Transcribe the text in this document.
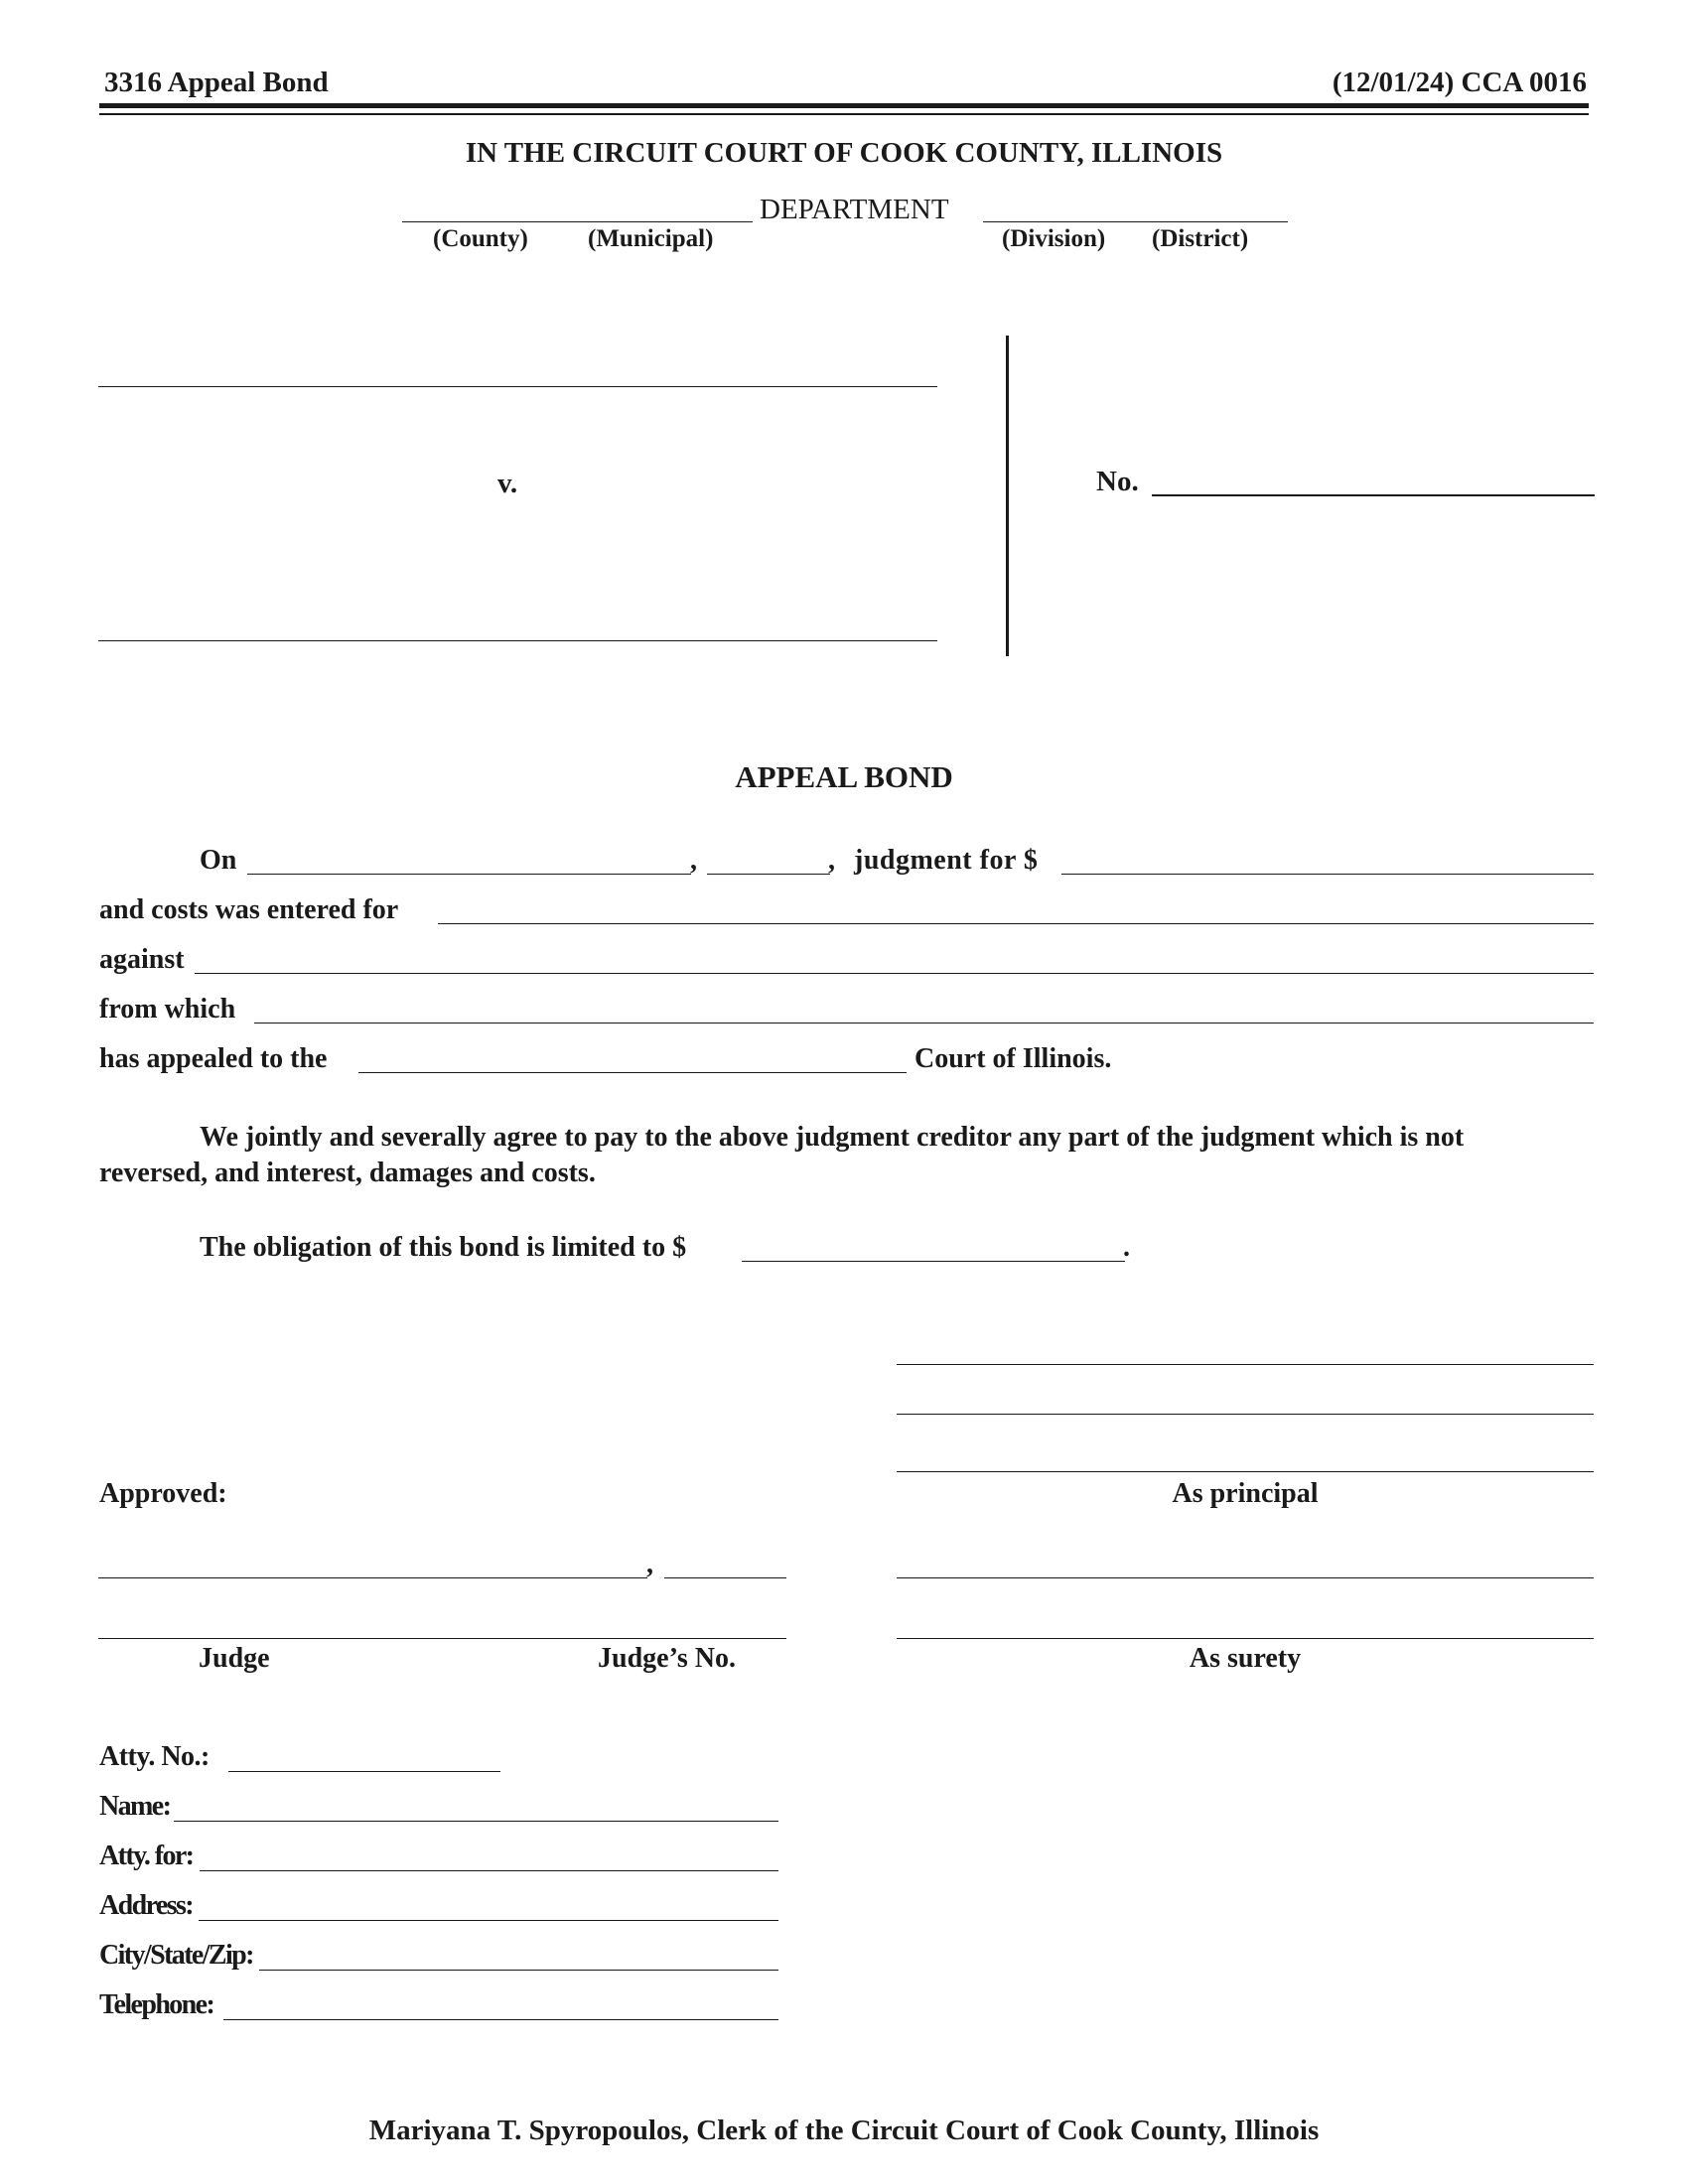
3316 Appeal Bond	(12/01/24) CCA 0016
IN THE CIRCUIT COURT OF COOK COUNTY, ILLINOIS
DEPARTMENT
(County) (Municipal)	(Division) (District)
v.	No.
APPEAL BOND
On	,	, judgment for $
and costs was entered for
against
from which
has appealed to the	Court of Illinois.
We jointly and severally agree to pay to the above judgment creditor any part of the judgment which is not
reversed, and interest, damages and costs.
The obligation of this bond is limited to $	.
As principal
Approved:
,
Judge	Judge’s No.	As surety
Atty. No.:
Name:
Atty. for:
Address:
City/State/Zip:
Telephone:
Mariyana T. Spyropoulos, Clerk of the Circuit Court of Cook County, Illinois
